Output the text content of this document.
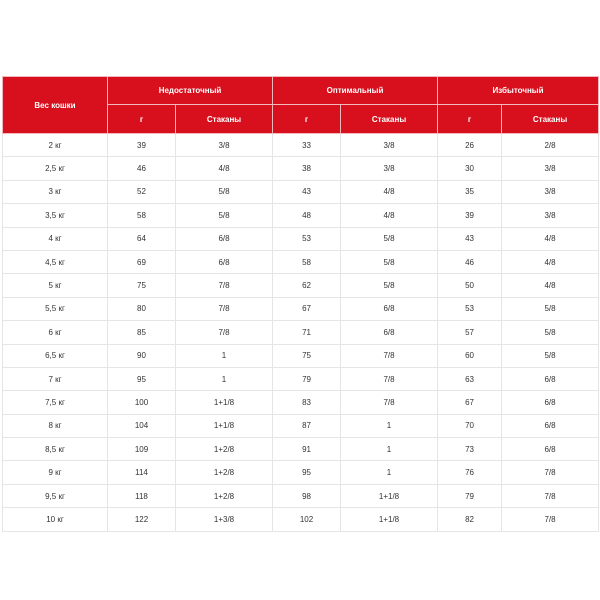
Вес кошки	Недостаточный		Оптимальный		Избыточный	
	г	Стаканы	г	Стаканы	г	Стаканы
2 кг	39	3/8	33	3/8	26	2/8
2,5 кг	46	4/8	38	3/8	30	3/8
3 кг	52	5/8	43	4/8	35	3/8
3,5 кг	58	5/8	48	4/8	39	3/8
4 кг	64	6/8	53	5/8	43	4/8
4,5 кг	69	6/8	58	5/8	46	4/8
5 кг	75	7/8	62	5/8	50	4/8
5,5 кг	80	7/8	67	6/8	53	5/8
6 кг	85	7/8	71	6/8	57	5/8
6,5 кг	90	1	75	7/8	60	5/8
7 кг	95	1	79	7/8	63	6/8
7,5 кг	100	1+1/8	83	7/8	67	6/8
8 кг	104	1+1/8	87	1	70	6/8
8,5 кг	109	1+2/8	91	1	73	6/8
9 кг	114	1+2/8	95	1	76	7/8
9,5 кг	118	1+2/8	98	1+1/8	79	7/8
10 кг	122	1+3/8	102	1+1/8	82	7/8
